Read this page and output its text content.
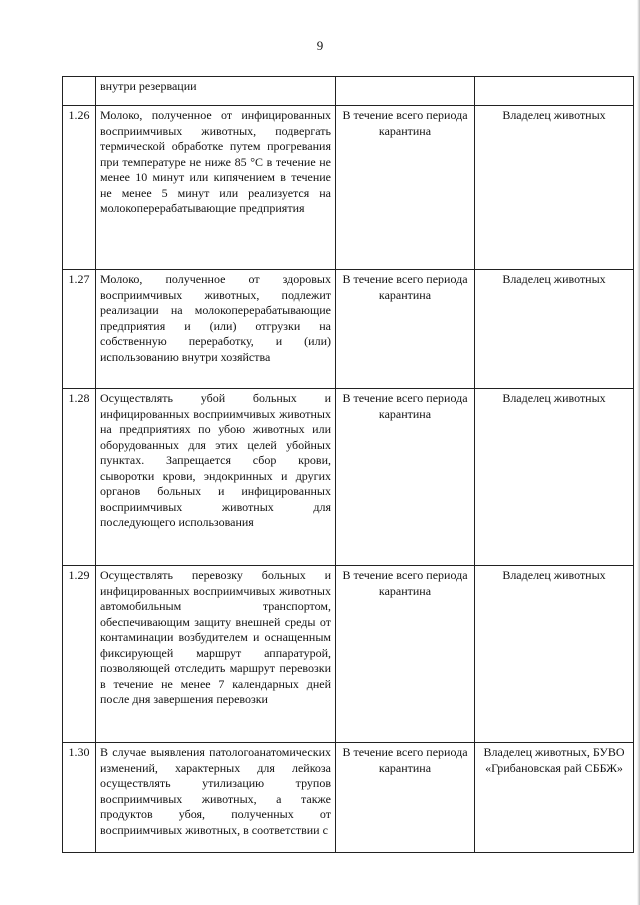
9
	внутри резервации		
1.26	Молоко, полученное от инфицированных восприимчивых животных, подвергать термической обработке путем прогревания при температуре не ниже 85 °С в течение не менее 10 минут или кипячением в течение не менее 5 минут или реализуется на молокоперерабатывающие предприятия	В течение всего периода карантина	Владелец животных
1.27	Молоко, полученное от здоровых восприимчивых животных, подлежит реализации на молокоперерабатывающие предприятия и (или) отгрузки на собственную переработку, и (или) использованию внутри хозяйства	В течение всего периода карантина	Владелец животных
1.28	Осуществлять убой больных и инфицированных восприимчивых животных на предприятиях по убою животных или оборудованных для этих целей убойных пунктах. Запрещается сбор крови, сыворотки крови, эндокринных и других органов больных и инфицированных восприимчивых животных для последующего использования	В течение всего периода карантина	Владелец животных
1.29	Осуществлять перевозку больных и инфицированных восприимчивых животных автомобильным транспортом, обеспечивающим защиту внешней среды от контаминации возбудителем и оснащенным фиксирующей маршрут аппаратурой, позволяющей отследить маршрут перевозки в течение не менее 7 календарных дней после дня завершения перевозки	В течение всего периода карантина	Владелец животных
1.30	В случае выявления патологоанатомических изменений, характерных для лейкоза осуществлять утилизацию трупов восприимчивых животных, а также продуктов убоя, полученных от восприимчивых животных, в соответствии с	В течение всего периода карантина	Владелец животных, БУВО «Грибановская рай СББЖ»
